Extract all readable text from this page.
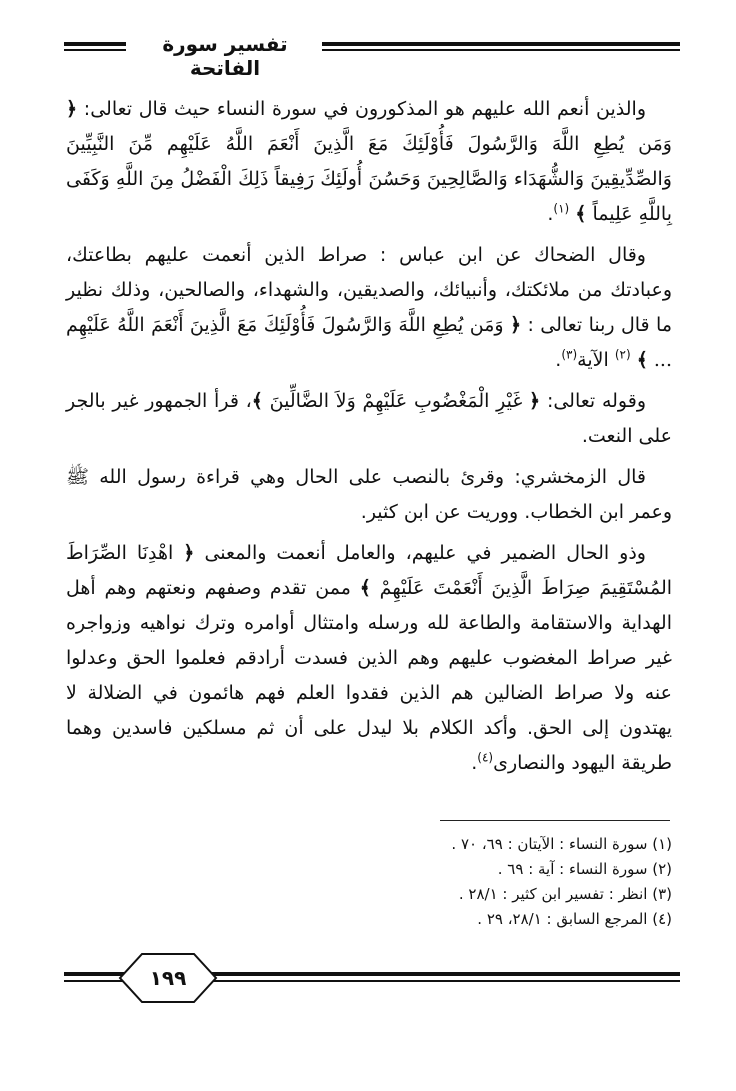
تفسير سورة الفاتحة

والذين أنعم الله عليهم هو المذكورون في سورة النساء حيث قال تعالى: ﴿ وَمَن يُطِعِ اللَّهَ وَالرَّسُولَ فَأُوْلَئِكَ مَعَ الَّذِينَ أَنْعَمَ اللَّهُ عَلَيْهِم مِّنَ النَّبِيِّينَ وَالصِّدِّيقِينَ وَالشُّهَدَاء وَالصَّالِحِينَ وَحَسُنَ أُولَئِكَ رَفِيقاً ذَلِكَ الْفَضْلُ مِنَ اللَّهِ وَكَفَى بِاللَّهِ عَلِيماً ﴾ $^{(١)}$.

وقال الضحاك عن ابن عباس : صراط الذين أنعمت عليهم بطاعتك، وعبادتك من ملائكتك، وأنبيائك، والصديقين، والشهداء، والصالحين، وذلك نظير ما قال ربنا تعالى : ﴿ وَمَن يُطِعِ اللَّهَ وَالرَّسُولَ فَأُوْلَئِكَ مَعَ الَّذِينَ أَنْعَمَ اللَّهُ عَلَيْهِم ... ﴾ $^{(٢)}$ الآية$^{(٣)}$.

وقوله تعالى: ﴿ غَيْرِ الْمَغْضُوبِ عَلَيْهِمْ وَلاَ الضَّالِّينَ ﴾، قرأ الجمهور غير بالجر على النعت.

قال الزمخشري: وقرئ بالنصب على الحال وهي قراءة رسول الله ﷺ وعمر ابن الخطاب. ووريت عن ابن كثير.

وذو الحال الضمير في عليهم، والعامل أنعمت والمعنى ﴿ اهْدِنَا الصِّرَاطَ المُسْتَقِيمَ صِرَاطَ الَّذِينَ أَنْعَمْتَ عَلَيْهِمْ ﴾ ممن تقدم وصفهم ونعتهم وهم أهل الهداية والاستقامة والطاعة لله ورسله وامتثال أوامره وترك نواهيه وزواجره غير صراط المغضوب عليهم وهم الذين فسدت أرادقم فعلموا الحق وعدلوا عنه ولا صراط الضالين هم الذين فقدوا العلم فهم هائمون في الضلالة لا يهتدون إلى الحق. وأكد الكلام بلا ليدل على أن ثم مسلكين فاسدين وهما طريقة اليهود والنصارى$^{(٤)}$.

(١) سورة النساء : الآيتان : ٦٩، ٧٠ .
(٢) سورة النساء : آية : ٦٩ .
(٣) انظر : تفسير ابن كثير : ٢٨/١ .
(٤) المرجع السابق : ٢٨/١، ٢٩ .
١٩٩
